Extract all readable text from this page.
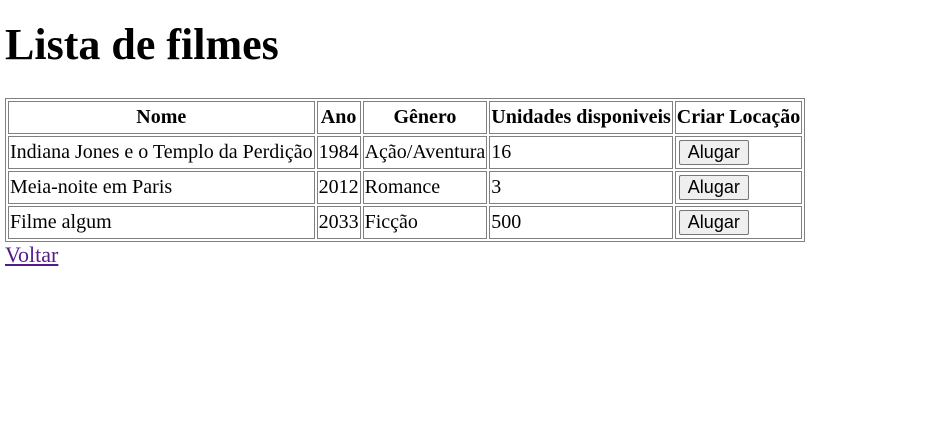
Lista de filmes
Nome	Ano	Gênero	Unidades disponiveis	Criar Locação
Indiana Jones e o Templo da Perdição	1984	Ação/Aventura	16	Alugar
Meia-noite em Paris	2012	Romance	3	Alugar
Filme algum	2033	Ficção	500	Alugar
Voltar
